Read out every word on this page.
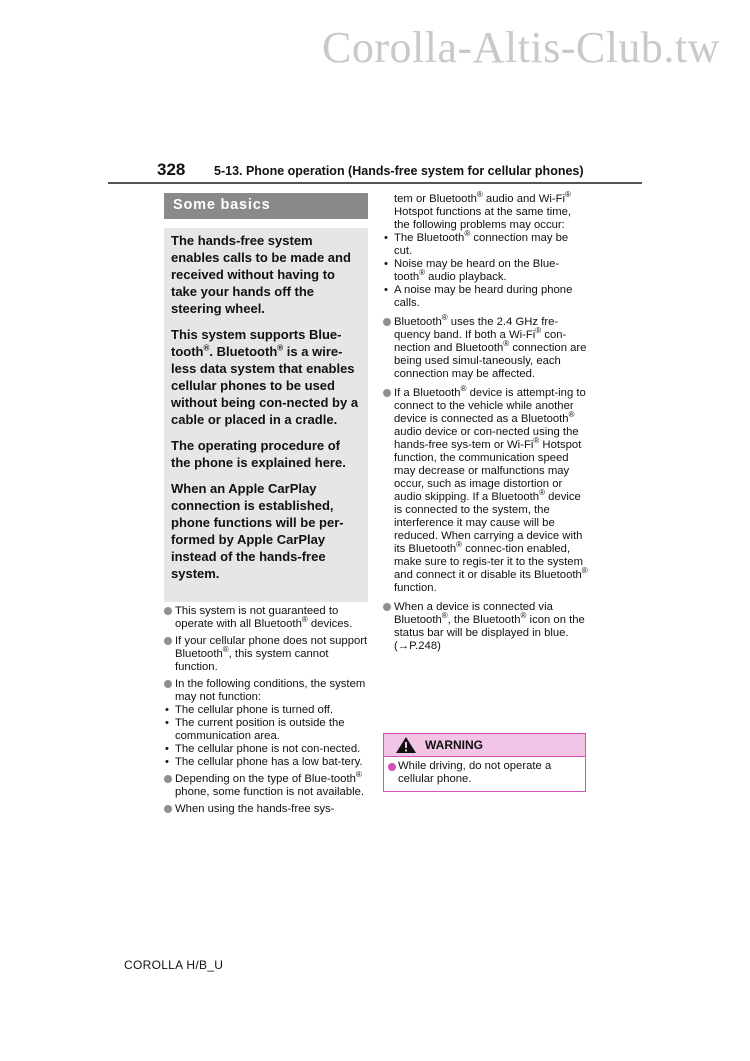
Corolla-Altis-Club.tw
328 5-13. Phone operation (Hands-free system for cellular phones)
Some basics

The hands-free system enables calls to be made and received without having to take your hands off the steering wheel.

This system supports Blue-tooth®. Bluetooth® is a wire-less data system that enables cellular phones to be used without being con-nected by a cable or placed in a cradle.

The operating procedure of the phone is explained here.

When an Apple CarPlay connection is established, phone functions will be per-formed by Apple CarPlay instead of the hands-free system.

This system is not guaranteed to operate with all Bluetooth® devices.
If your cellular phone does not support Bluetooth®, this system cannot function.
In the following conditions, the system may not function:
• The cellular phone is turned off.
• The current position is outside the communication area.
• The cellular phone is not con-nected.
• The cellular phone has a low bat-tery.
Depending on the type of Blue-tooth® phone, some function is not available.
When using the hands-free sys-
tem or Bluetooth® audio and Wi-Fi® Hotspot functions at the same time, the following problems may occur:
• The Bluetooth® connection may be cut.
• Noise may be heard on the Blue-tooth® audio playback.
• A noise may be heard during phone calls.
Bluetooth® uses the 2.4 GHz fre-quency band. If both a Wi-Fi® con-nection and Bluetooth® connection are being used simul-taneously, each connection may be affected.
If a Bluetooth® device is attempt-ing to connect to the vehicle while another device is connected as a Bluetooth® audio device or con-nected using the hands-free sys-tem or Wi-Fi® Hotspot function, the communication speed may decrease or malfunctions may occur, such as image distortion or audio skipping. If a Bluetooth® device is connected to the system, the interference it may cause will be reduced. When carrying a device with its Bluetooth® connec-tion enabled, make sure to regis-ter it to the system and connect it or disable its Bluetooth® function.
When a device is connected via Bluetooth®, the Bluetooth® icon on the status bar will be displayed in blue. (→P.248)
WARNING
While driving, do not operate a cellular phone.
COROLLA H/B_U
